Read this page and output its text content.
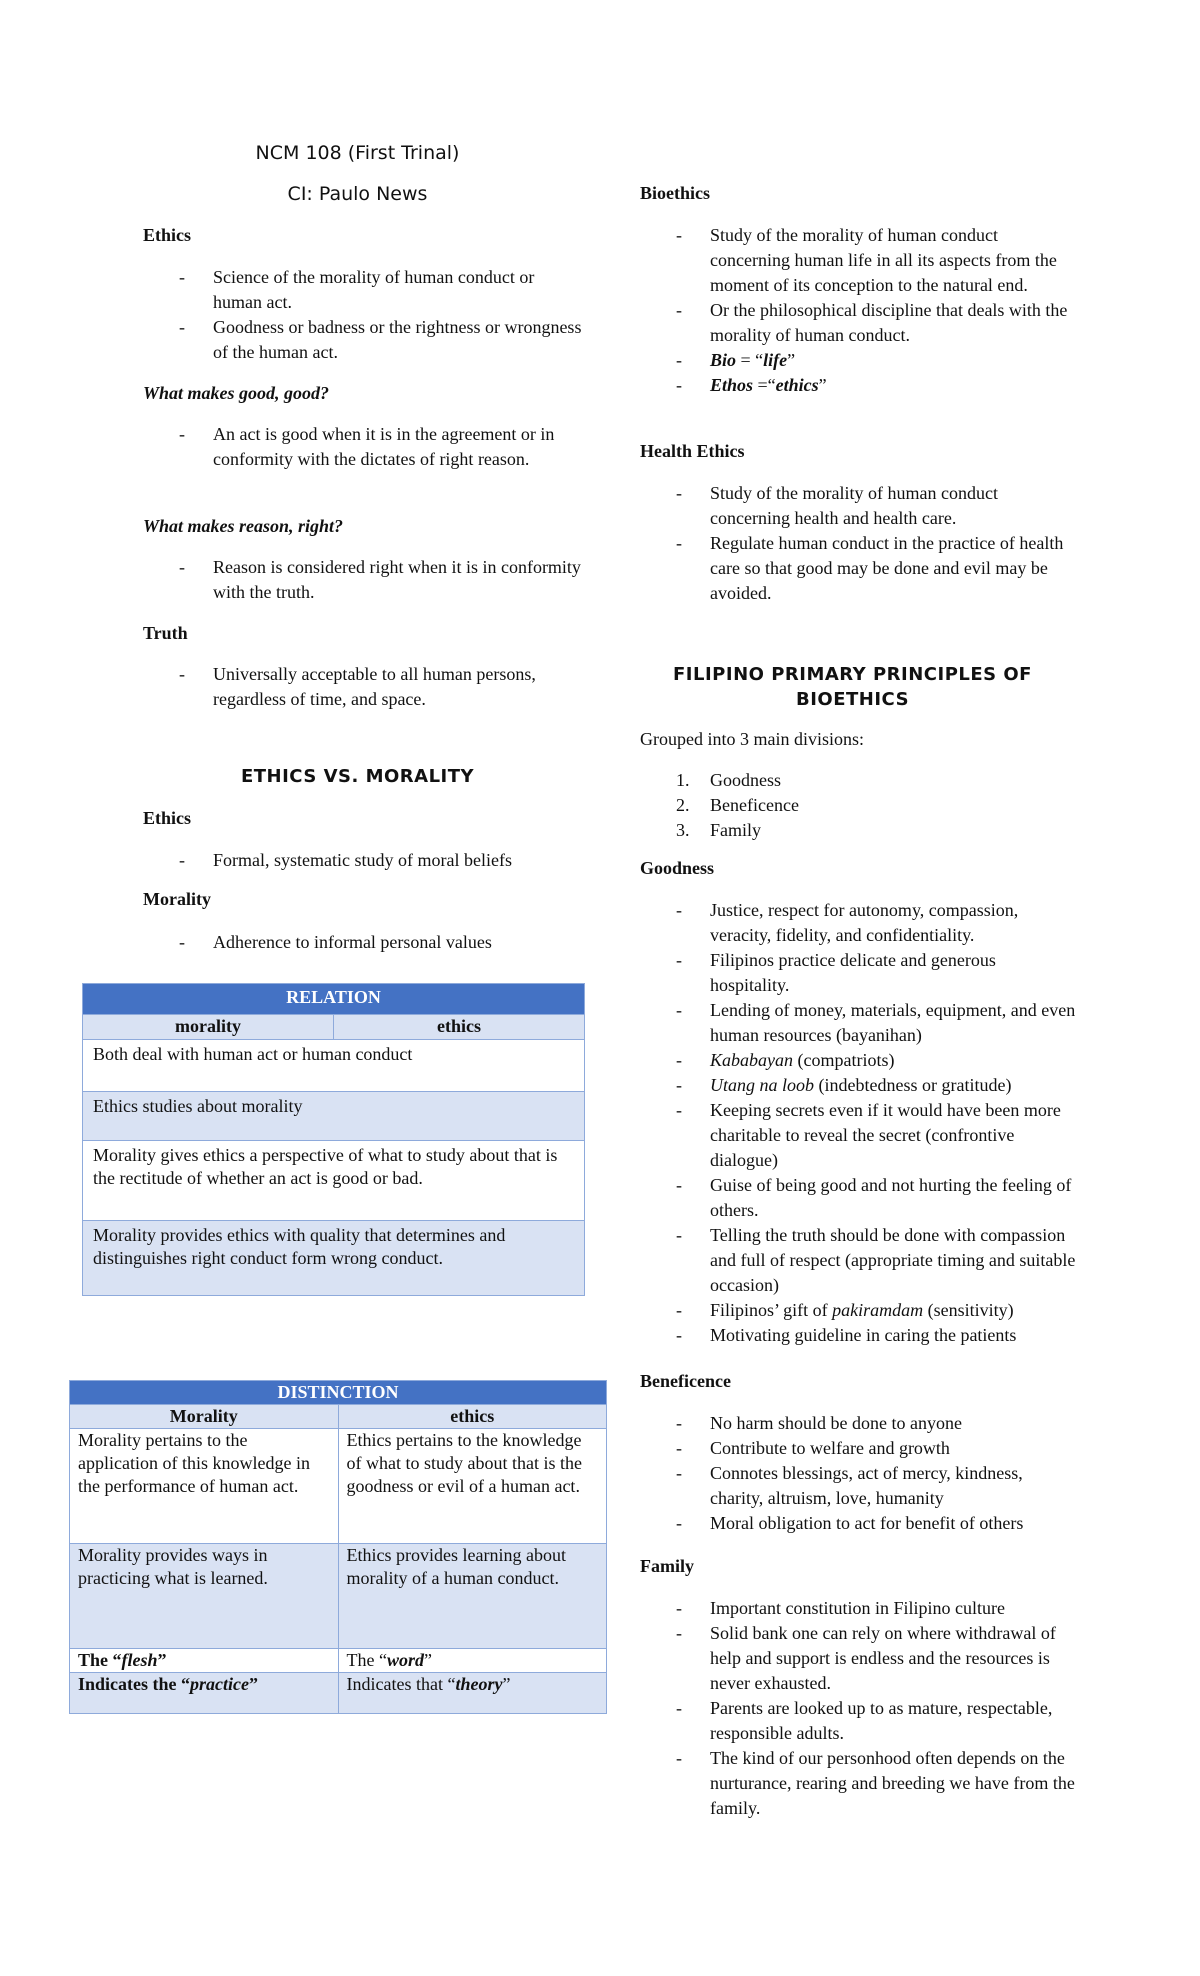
NCM 108 (First Trinal)
CI: Paulo News
Ethics
- Science of the morality of human conduct or human act.
- Goodness or badness or the rightness or wrongness of the human act.
What makes good, good?
- An act is good when it is in the agreement or in conformity with the dictates of right reason.
What makes reason, right?
- Reason is considered right when it is in conformity with the truth.
Truth
- Universally acceptable to all human persons, regardless of time, and space.
ETHICS VS. MORALITY
Ethics
- Formal, systematic study of moral beliefs
Morality
- Adherence to informal personal values
RELATION
morality	ethics
Both deal with human act or human conduct
Ethics studies about morality
Morality gives ethics a perspective of what to study about that is the rectitude of whether an act is good or bad.
Morality provides ethics with quality that determines and distinguishes right conduct form wrong conduct.
DISTINCTION	
Morality	ethics
Morality pertains to the application of this knowledge in the performance of human act.	Ethics pertains to the knowledge of what to study about that is the goodness or evil of a human act.
Morality provides ways in practicing what is learned.	Ethics provides learning about morality of a human conduct.
The “flesh”	The “word”
Indicates the “practice”	Indicates that “theory”
Bioethics
- Study of the morality of human conduct concerning human life in all its aspects from the moment of its conception to the natural end.
- Or the philosophical discipline that deals with the morality of human conduct.
- Bio = “life”
- Ethos =“ethics”
Health Ethics
- Study of the morality of human conduct concerning health and health care.
- Regulate human conduct in the practice of health care so that good may be done and evil may be avoided.
FILIPINO PRIMARY PRINCIPLES OF
BIOETHICS
Grouped into 3 main divisions:
1. Goodness
2. Beneficence
3. Family
Goodness
- Justice, respect for autonomy, compassion, veracity, fidelity, and confidentiality.
- Filipinos practice delicate and generous hospitality.
- Lending of money, materials, equipment, and even human resources (bayanihan)
- Kababayan (compatriots)
- Utang na loob (indebtedness or gratitude)
- Keeping secrets even if it would have been more charitable to reveal the secret (confrontive dialogue)
- Guise of being good and not hurting the feeling of others.
- Telling the truth should be done with compassion and full of respect (appropriate timing and suitable occasion)
- Filipinos’ gift of pakiramdam (sensitivity)
- Motivating guideline in caring the patients
Beneficence
- No harm should be done to anyone
- Contribute to welfare and growth
- Connotes blessings, act of mercy, kindness, charity, altruism, love, humanity
- Moral obligation to act for benefit of others
Family
- Important constitution in Filipino culture
- Solid bank one can rely on where withdrawal of help and support is endless and the resources is never exhausted.
- Parents are looked up to as mature, respectable, responsible adults.
- The kind of our personhood often depends on the nurturance, rearing and breeding we have from the family.
